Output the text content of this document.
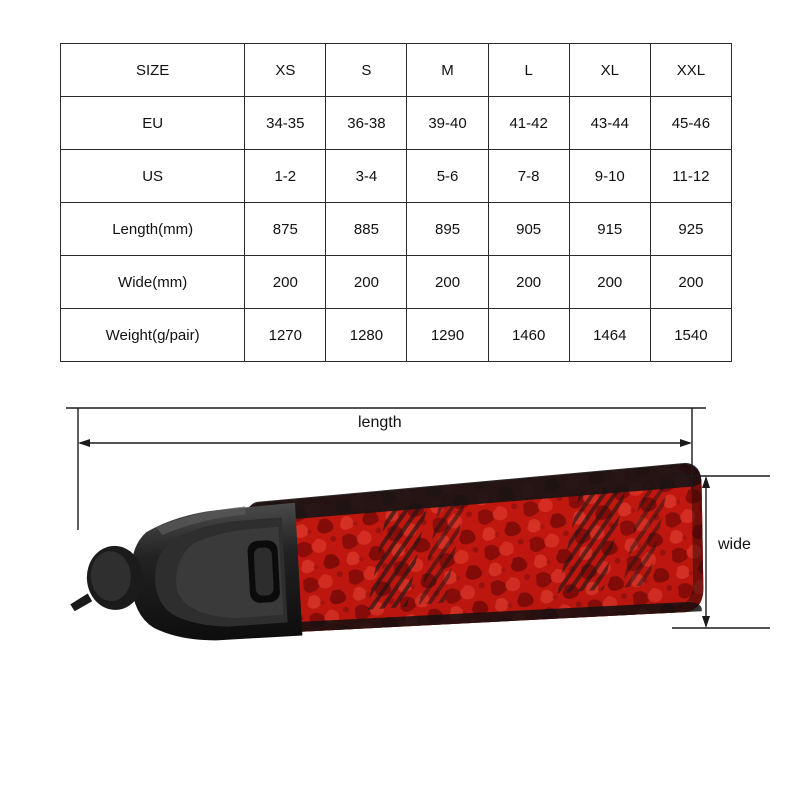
SIZE	XS	S	M	L	XL	XXL
EU	34-35	36-38	39-40	41-42	43-44	45-46
US	1-2	3-4	5-6	7-8	9-10	11-12
Length(mm)	875	885	895	905	915	925
Wide(mm)	200	200	200	200	200	200
Weight(g/pair)	1270	1280	1290	1460	1464	1540
length
wide
